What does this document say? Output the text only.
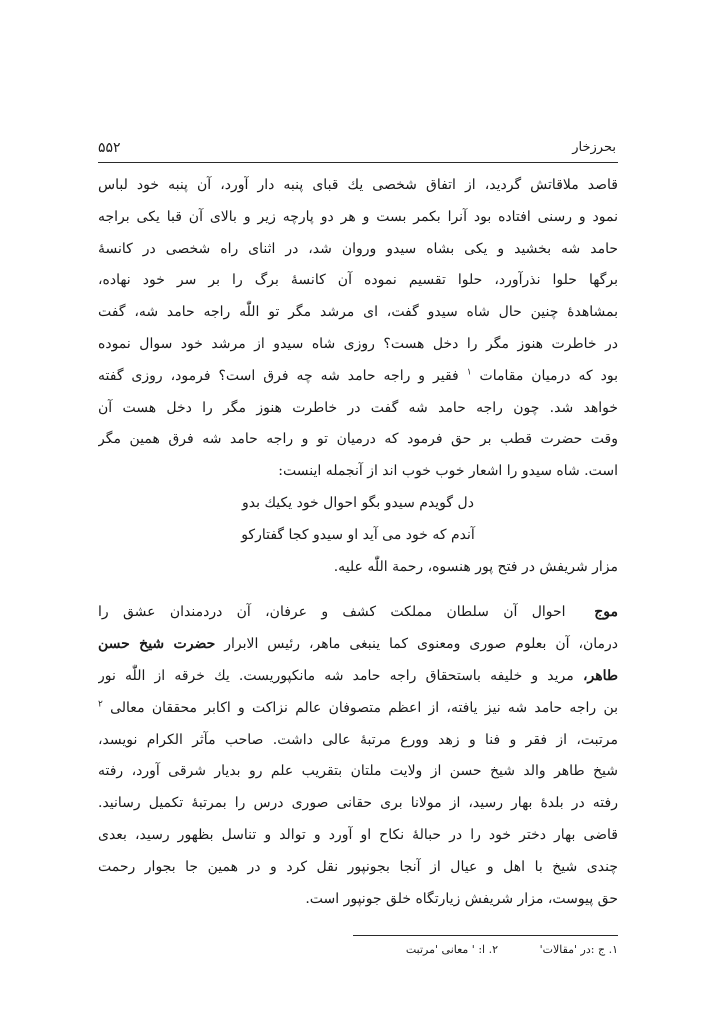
۵۵۲	بحرزخار
قاصد ملاقاتش گردید، از اتفاق شخصی یك قبای پنبه دار آورد، آن پنبه خود لباس
نمود و رسنی افتاده بود آنرا بکمر بست و هر دو پارچه زیر و بالای آن قبا یکی براجه
حامد شه بخشید و یکی بشاه سیدو وروان شد، در اثنای راه شخصی در کانسهٔ
برگها حلوا نذرآورد، حلوا تقسیم نموده آن کانسهٔ برگ را بر سر خود نهاده،
بمشاهدهٔ چنین حال شاه سیدو گفت، ای مرشد مگر تو اللّٰه راجه حامد شه، گفت
در خاطرت هنوز مگر را دخل هست؟ روزی شاه سیدو از مرشد خود سوال نموده
بود که درمیان مقامات $^۱$ فقیر و راجه حامد شه چه فرق است؟ فرمود، روزی گفته
خواهد شد. چون راجه حامد شه گفت در خاطرت هنوز مگر را دخل هست آن
وقت حضرت قطب بر حق فرمود که درمیان تو و راجه حامد شه فرق همین مگر
است. شاه سیدو را اشعار خوب خوب اند از آنجمله اینست:
دل گویدم سیدو بگو احوال خود یکیك بدو
آندم که خود می آید او سیدو کجا گفتارکو
مزار شریفش در فتح پور هنسوه، رحمة اللّٰه علیه.
موج  احوال آن سلطان مملکت کشف و عرفان، آن دردمندان عشق را
درمان، آن بعلوم صوری ومعنوی کما ینبغی ماهر، رئیس الابرار حضرت شیخ حسن
طاهر، مرید و خلیفه باستحقاق راجه حامد شه مانکپوریست. یك خرقه از اللّٰه نور
بن راجه حامد شه نیز یافته، از اعظم متصوفان عالم نزاکت و اکابر محققان معالی $^۲$
مرتبت، از فقر و فنا و زهد وورع مرتبهٔ عالی داشت. صاحب مآثر الکرام نویسد،
شیخ طاهر والد شیخ حسن از ولایت ملتان بتقریب علم رو بدیار شرقی آورد، رفته
رفته در بلدهٔ بهار رسید، از مولانا بری حقانی صوری درس را بمرتبهٔ تکمیل رسانید.
قاضی بهار دختر خود را در حبالهٔ نکاح او آورد و توالد و تناسل بظهور رسید، بعدی
چندی شیخ با اهل و عیال از آنجا بجونپور نقل کرد و در همین جا بجوار رحمت
حق پیوست، مزار شریفش زیارتگاه خلق جونپور است.
۱. ج :در 'مقالات'
۲. ا: ' معانی 'مرتبت
